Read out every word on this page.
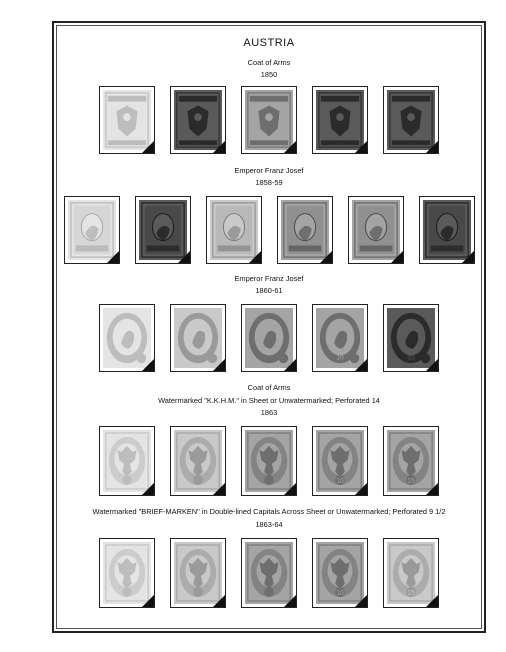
AUSTRIA
Coat of Arms
1850
Emperor Franz Josef
1858-59
Emperor Franz Josef
1860-61
10	15
Coat of Arms
Watermarked "K.K.H.M." in Sheet or Unwatermarked; Perforated 14
1863
10	15
Watermarked "BRIEF-MARKEN" in Double-lined Capitals Across Sheet or Unwatermarked; Perforated 9 1/2
1863-64
10	15
